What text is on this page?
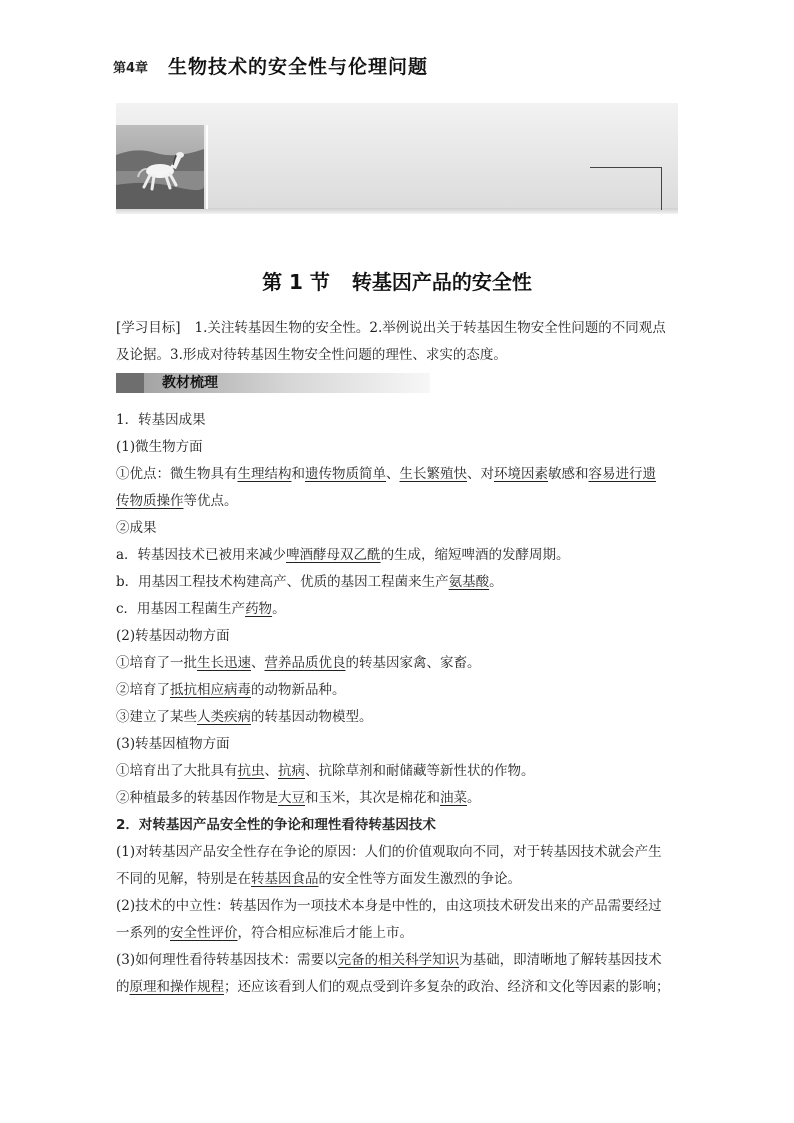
第4章 生物技术的安全性与伦理问题
第 1 节 转基因产品的安全性
[学习目标] 1.关注转基因生物的安全性。2.举例说出关于转基因生物安全性问题的不同观点
及论据。3.形成对待转基因生物安全性问题的理性、求实的态度。
教材梳理
1．转基因成果
(1)微生物方面
①优点：微生物具有生理结构和遗传物质简单、生长繁殖快、对环境因素敏感和容易进行遗
传物质操作等优点。
②成果
a．转基因技术已被用来减少啤酒酵母双乙酰的生成，缩短啤酒的发酵周期。
b．用基因工程技术构建高产、优质的基因工程菌来生产氨基酸。
c．用基因工程菌生产药物。
(2)转基因动物方面
①培育了一批生长迅速、营养品质优良的转基因家禽、家畜。
②培育了抵抗相应病毒的动物新品种。
③建立了某些人类疾病的转基因动物模型。
(3)转基因植物方面
①培育出了大批具有抗虫、抗病、抗除草剂和耐储藏等新性状的作物。
②种植最多的转基因作物是大豆和玉米，其次是棉花和油菜。
2．对转基因产品安全性的争论和理性看待转基因技术
(1)对转基因产品安全性存在争论的原因：人们的价值观取向不同，对于转基因技术就会产生
不同的见解，特别是在转基因食品的安全性等方面发生激烈的争论。
(2)技术的中立性：转基因作为一项技术本身是中性的，由这项技术研发出来的产品需要经过
一系列的安全性评价，符合相应标准后才能上市。
(3)如何理性看待转基因技术：需要以完备的相关科学知识为基础，即清晰地了解转基因技术
的原理和操作规程；还应该看到人们的观点受到许多复杂的政治、经济和文化等因素的影响；
